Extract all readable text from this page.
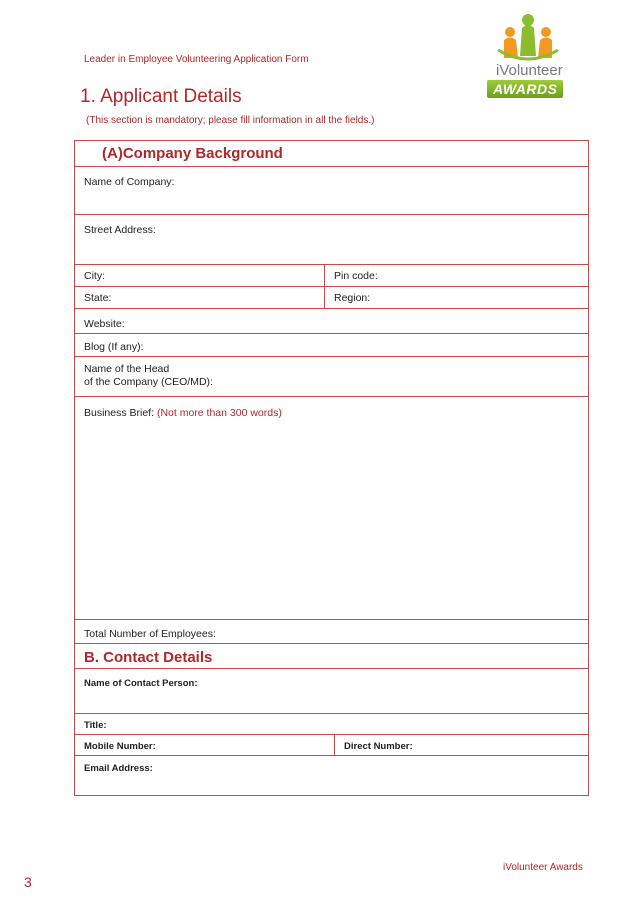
Leader in Employee Volunteering Application Form
iVolunteer
AWARDS
1. Applicant Details
(This section is mandatory; please fill information in all the fields.)
(A)Company Background
Name of Company:
Street Address:
City:	Pin code:
State:	Region:
Website:
Blog (If any):
Name of the Head
of the Company (CEO/MD):
Business Brief: (Not more than 300 words)
Total Number of Employees:
B. Contact Details
Name of Contact Person:
Title:
Mobile Number:	Direct Number:
Email Address:
iVolunteer Awards
3
